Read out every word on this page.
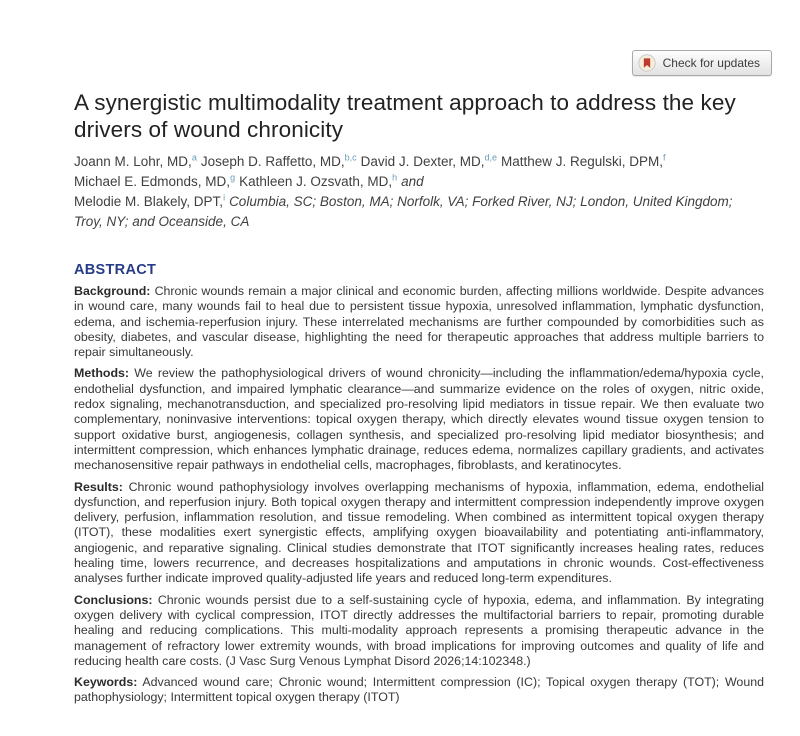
Check for updates
A synergistic multimodality treatment approach to address the key
drivers of wound chronicity
Joann M. Lohr, MD,$^a$ Joseph D. Raffetto, MD,$^{b,c}$ David J. Dexter, MD,$^{d,e}$ Matthew J. Regulski, DPM,$^f$
Michael E. Edmonds, MD,$^g$ Kathleen J. Ozsvath, MD,$^h$ and
Melodie M. Blakely, DPT,$^i$ Columbia, SC; Boston, MA; Norfolk, VA; Forked River, NJ; London, United Kingdom; Troy, NY; and Oceanside, CA
ABSTRACT

Background: Chronic wounds remain a major clinical and economic burden, affecting millions worldwide. Despite advances in wound care, many wounds fail to heal due to persistent tissue hypoxia, unresolved inflammation, lymphatic dysfunction, edema, and ischemia-reperfusion injury. These interrelated mechanisms are further compounded by comorbidities such as obesity, diabetes, and vascular disease, highlighting the need for therapeutic approaches that address multiple barriers to repair simultaneously.

Methods: We review the pathophysiological drivers of wound chronicity—including the inflammation/edema/hypoxia cycle, endothelial dysfunction, and impaired lymphatic clearance—and summarize evidence on the roles of oxygen, nitric oxide, redox signaling, mechanotransduction, and specialized pro-resolving lipid mediators in tissue repair. We then evaluate two complementary, noninvasive interventions: topical oxygen therapy, which directly elevates wound tissue oxygen tension to support oxidative burst, angiogenesis, collagen synthesis, and specialized pro-resolving lipid mediator biosynthesis; and intermittent compression, which enhances lymphatic drainage, reduces edema, normalizes capillary gradients, and activates mechanosensitive repair pathways in endothelial cells, macrophages, fibroblasts, and keratinocytes.

Results: Chronic wound pathophysiology involves overlapping mechanisms of hypoxia, inflammation, edema, endothelial dysfunction, and reperfusion injury. Both topical oxygen therapy and intermittent compression independently improve oxygen delivery, perfusion, inflammation resolution, and tissue remodeling. When combined as intermittent topical oxygen therapy (ITOT), these modalities exert synergistic effects, amplifying oxygen bioavailability and potentiating anti-inflammatory, angiogenic, and reparative signaling. Clinical studies demonstrate that ITOT significantly increases healing rates, reduces healing time, lowers recurrence, and decreases hospitalizations and amputations in chronic wounds. Cost-effectiveness analyses further indicate improved quality-adjusted life years and reduced long-term expenditures.

Conclusions: Chronic wounds persist due to a self-sustaining cycle of hypoxia, edema, and inflammation. By integrating oxygen delivery with cyclical compression, ITOT directly addresses the multifactorial barriers to repair, promoting durable healing and reducing complications. This multi-modality approach represents a promising therapeutic advance in the management of refractory lower extremity wounds, with broad implications for improving outcomes and quality of life and reducing health care costs. (J Vasc Surg Venous Lymphat Disord 2026;14:102348.)

Keywords: Advanced wound care; Chronic wound; Intermittent compression (IC); Topical oxygen therapy (TOT); Wound pathophysiology; Intermittent topical oxygen therapy (ITOT)
